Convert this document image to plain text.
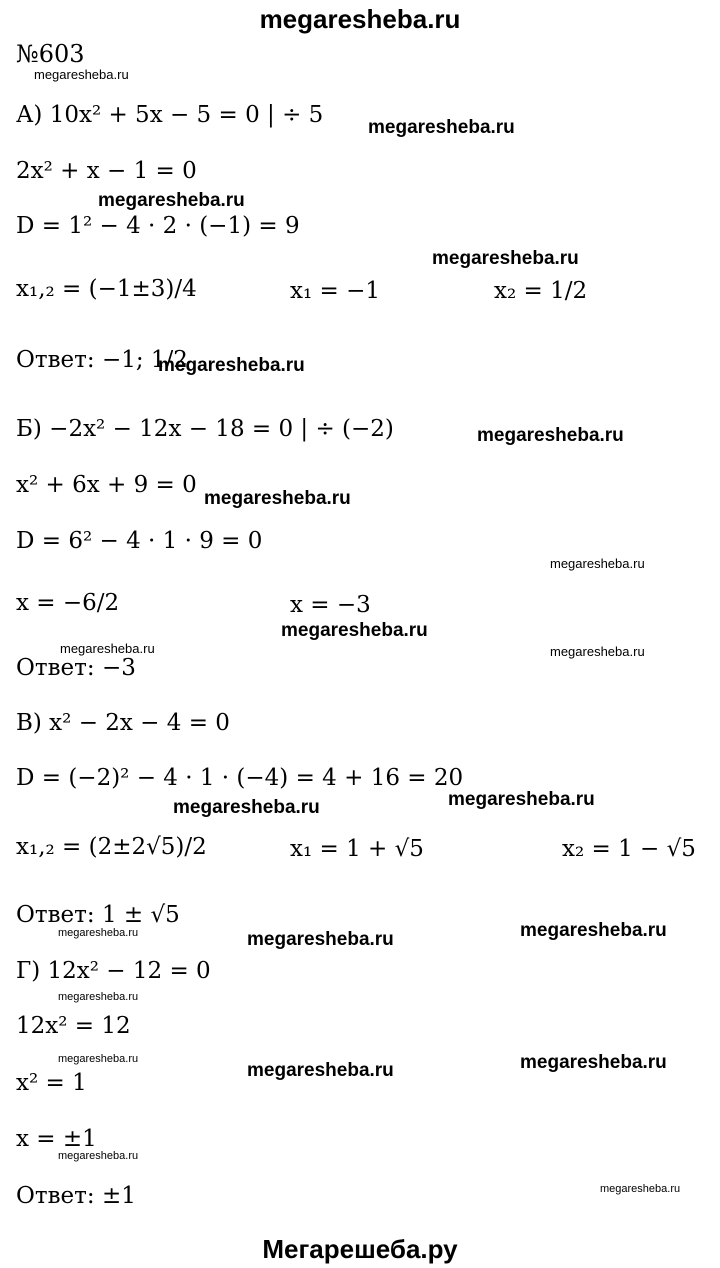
megaresheba.ru
№603
megaresheba.ru
megaresheba.ru
megaresheba.ru
megaresheba.ru
megaresheba.ru
megaresheba.ru
megaresheba.ru
megaresheba.ru
megaresheba.ru
megaresheba.ru	megaresheba.ru
megaresheba.ru	megaresheba.ru
megaresheba.ru	megaresheba.ru
megaresheba.ru
megaresheba.ru
megaresheba.ru
megaresheba.ru	megaresheba.ru
megaresheba.ru
megaresheba.ru
А) 10x² + 5x − 5 = 0 | ÷ 5
2x² + x − 1 = 0
D = 1² − 4 · 2 · (−1) = 9
x₁,₂ = (−1±3)/4	x₁ = −1	x₂ = 1/2
Ответ: −1; 1/2
Б) −2x² − 12x − 18 = 0 | ÷ (−2)
x² + 6x + 9 = 0
D = 6² − 4 · 1 · 9 = 0
x = −6/2	x = −3
Ответ: −3
В) x² − 2x − 4 = 0
D = (−2)² − 4 · 1 · (−4) = 4 + 16 = 20
x₁,₂ = (2±2√5)/2	x₁ = 1 + √5	x₂ = 1 − √5
Ответ: 1 ± √5
Г) 12x² − 12 = 0
12x² = 12
x² = 1
x = ±1
Ответ: ±1
Мегарешеба.ру
